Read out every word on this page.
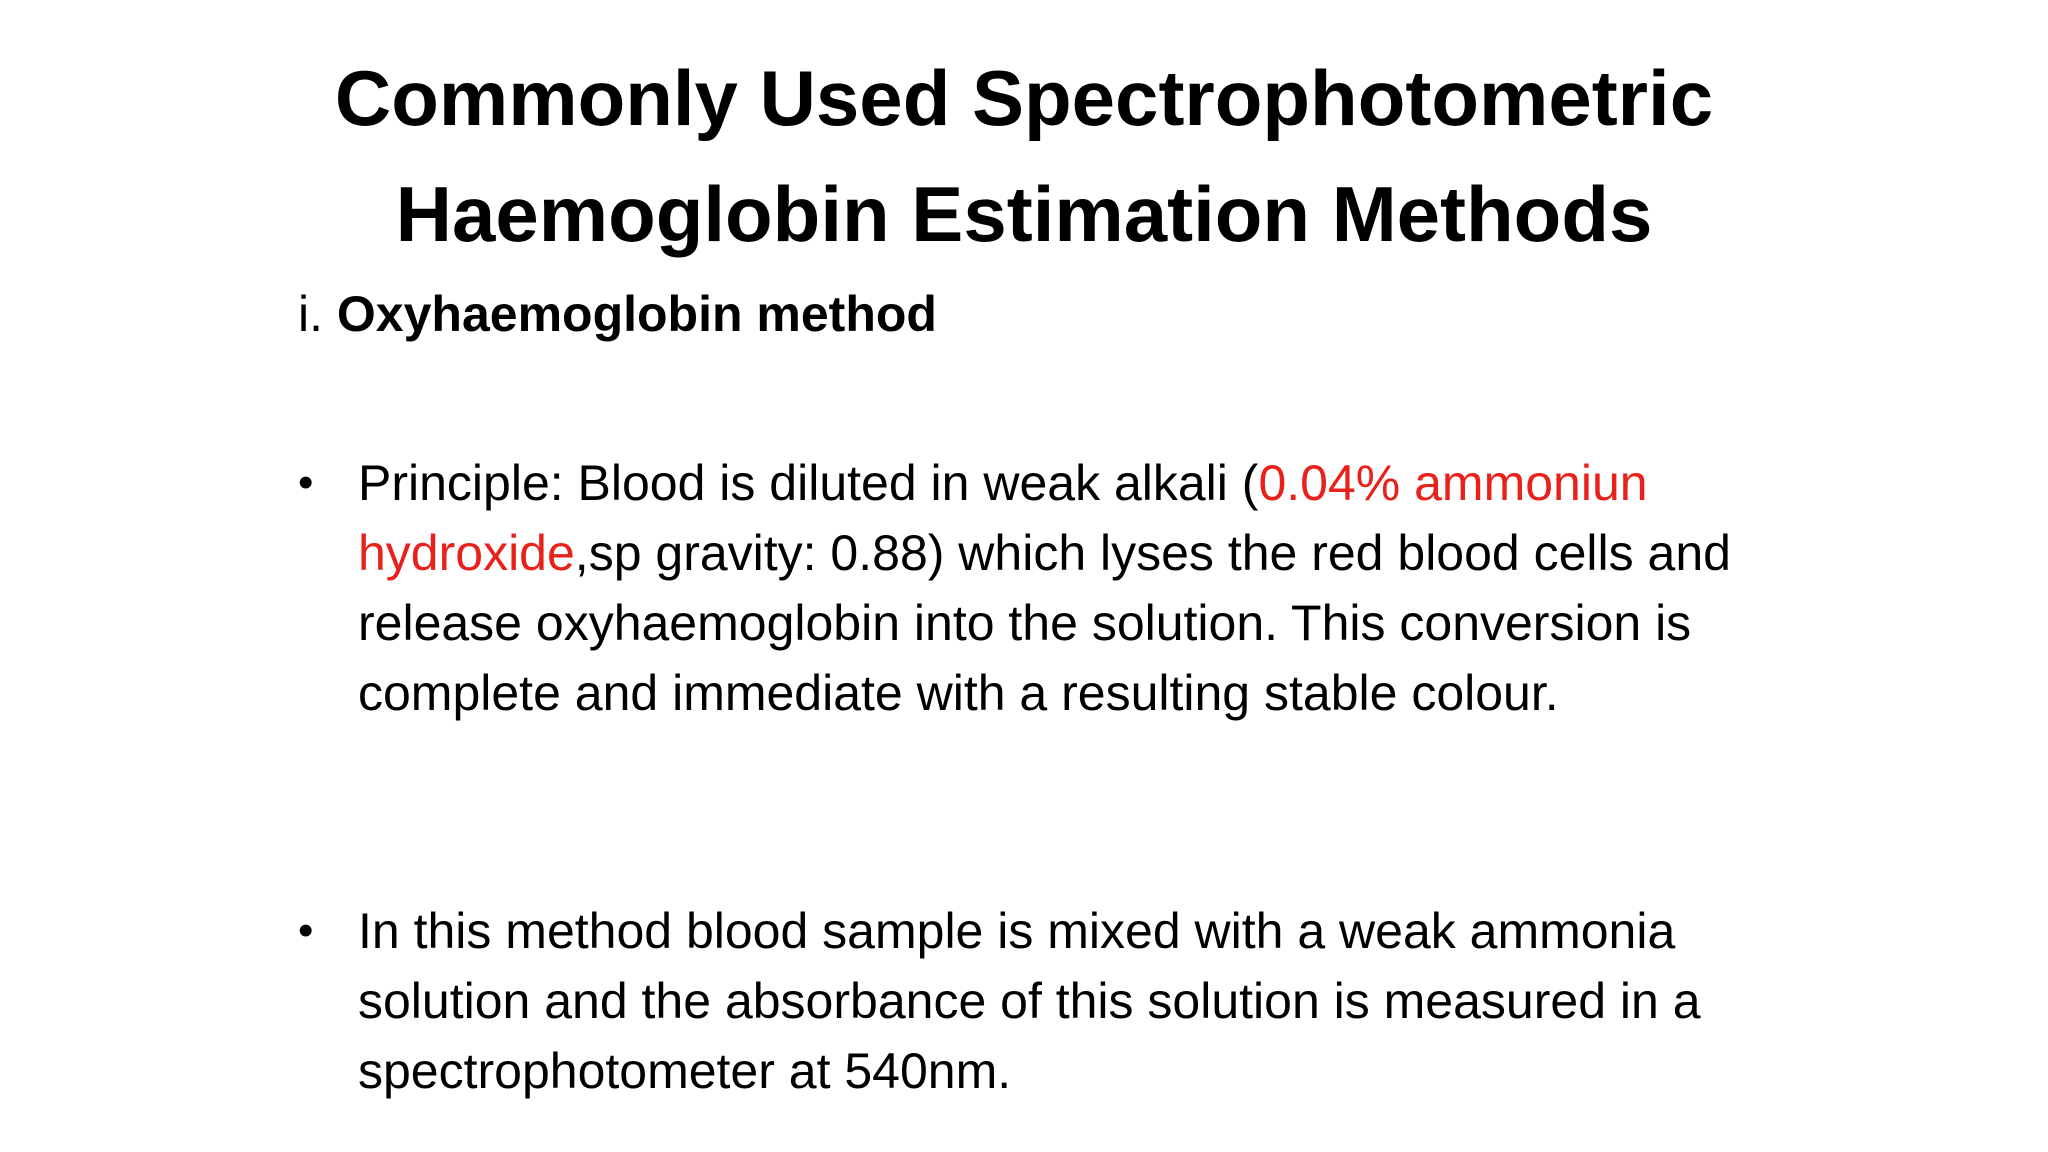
Commonly Used Spectrophotometric
Haemoglobin Estimation Methods
i. Oxyhaemoglobin method
• Principle: Blood is diluted in weak alkali (0.04% ammoniun hydroxide,sp gravity: 0.88) which lyses the red blood cells and release oxyhaemoglobin into the solution. This conversion is complete and immediate with a resulting stable colour.
• In this method blood sample is mixed with a weak ammonia solution and the absorbance of this solution is measured in a spectrophotometer at 540nm.
